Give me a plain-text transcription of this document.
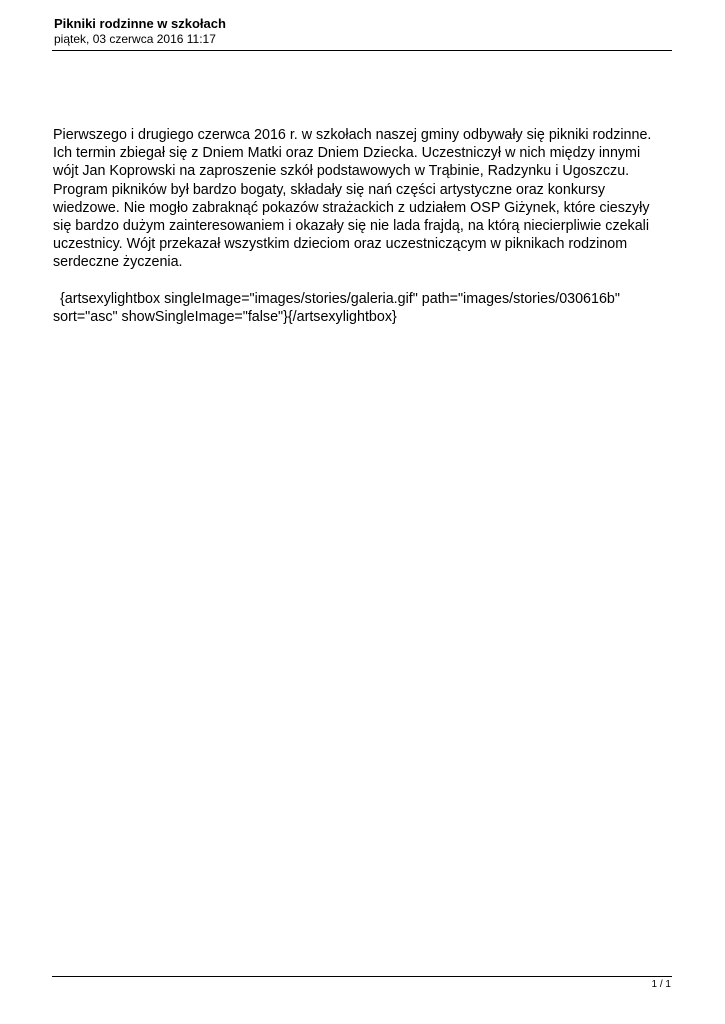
Pikniki rodzinne w szkołach

piątek, 03 czerwca 2016 11:17

Pierwszego i drugiego czerwca 2016 r. w szkołach naszej gminy odbywały się pikniki rodzinne.

Ich termin zbiegał się z Dniem Matki oraz Dniem Dziecka. Uczestniczył w nich między innymi

wójt Jan Koprowski na zaproszenie szkół podstawowych w Trąbinie, Radzynku i Ugoszczu.

Program pikników był bardzo bogaty, składały się nań części artystyczne oraz konkursy

wiedzowe. Nie mogło zabraknąć pokazów strażackich z udziałem OSP Giżynek, które cieszyły

się bardzo dużym zainteresowaniem i okazały się nie lada frajdą, na którą niecierpliwie czekali

uczestnicy. Wójt przekazał wszystkim dzieciom oraz uczestniczącym w piknikach rodzinom

serdeczne życzenia.

{artsexylightbox singleImage="images/stories/galeria.gif" path="images/stories/030616b"

sort="asc" showSingleImage="false"}{/artsexylightbox}

1 / 1
